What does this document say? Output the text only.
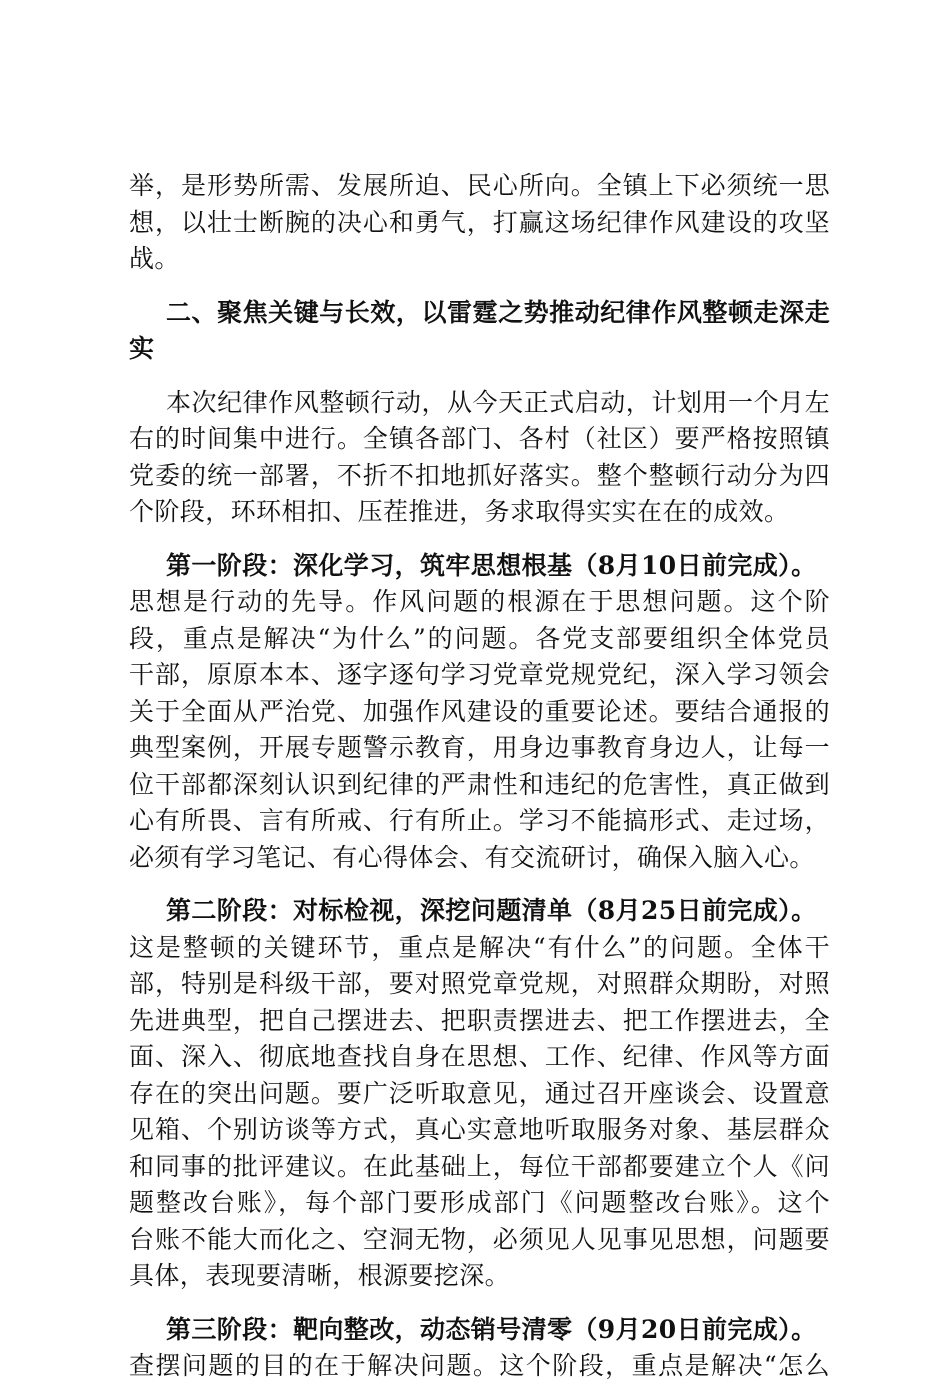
举，是形势所需、发展所迫、民心所向。全镇上下必须统一思
想，以壮士断腕的决心和勇气，打赢这场纪律作风建设的攻坚
战。
二、聚焦关键与长效，以雷霆之势推动纪律作风整顿走深走
实
本次纪律作风整顿行动，从今天正式启动，计划用一个月左
右的时间集中进行。全镇各部门、各村（社区）要严格按照镇
党委的统一部署，不折不扣地抓好落实。整个整顿行动分为四
个阶段，环环相扣、压茬推进，务求取得实实在在的成效。
第一阶段：深化学习，筑牢思想根基（8月10日前完成）。
思想是行动的先导。作风问题的根源在于思想问题。这个阶
段，重点是解决“为什么”的问题。各党支部要组织全体党员
干部，原原本本、逐字逐句学习党章党规党纪，深入学习领会
关于全面从严治党、加强作风建设的重要论述。要结合通报的
典型案例，开展专题警示教育，用身边事教育身边人，让每一
位干部都深刻认识到纪律的严肃性和违纪的危害性，真正做到
心有所畏、言有所戒、行有所止。学习不能搞形式、走过场，
必须有学习笔记、有心得体会、有交流研讨，确保入脑入心。
第二阶段：对标检视，深挖问题清单（8月25日前完成）。
这是整顿的关键环节，重点是解决“有什么”的问题。全体干
部，特别是科级干部，要对照党章党规，对照群众期盼，对照
先进典型，把自己摆进去、把职责摆进去、把工作摆进去，全
面、深入、彻底地查找自身在思想、工作、纪律、作风等方面
存在的突出问题。要广泛听取意见，通过召开座谈会、设置意
见箱、个别访谈等方式，真心实意地听取服务对象、基层群众
和同事的批评建议。在此基础上，每位干部都要建立个人《问
题整改台账》，每个部门要形成部门《问题整改台账》。这个
台账不能大而化之、空洞无物，必须见人见事见思想，问题要
具体，表现要清晰，根源要挖深。
第三阶段：靶向整改，动态销号清零（9月20日前完成）。
查摆问题的目的在于解决问题。这个阶段，重点是解决“怎么
